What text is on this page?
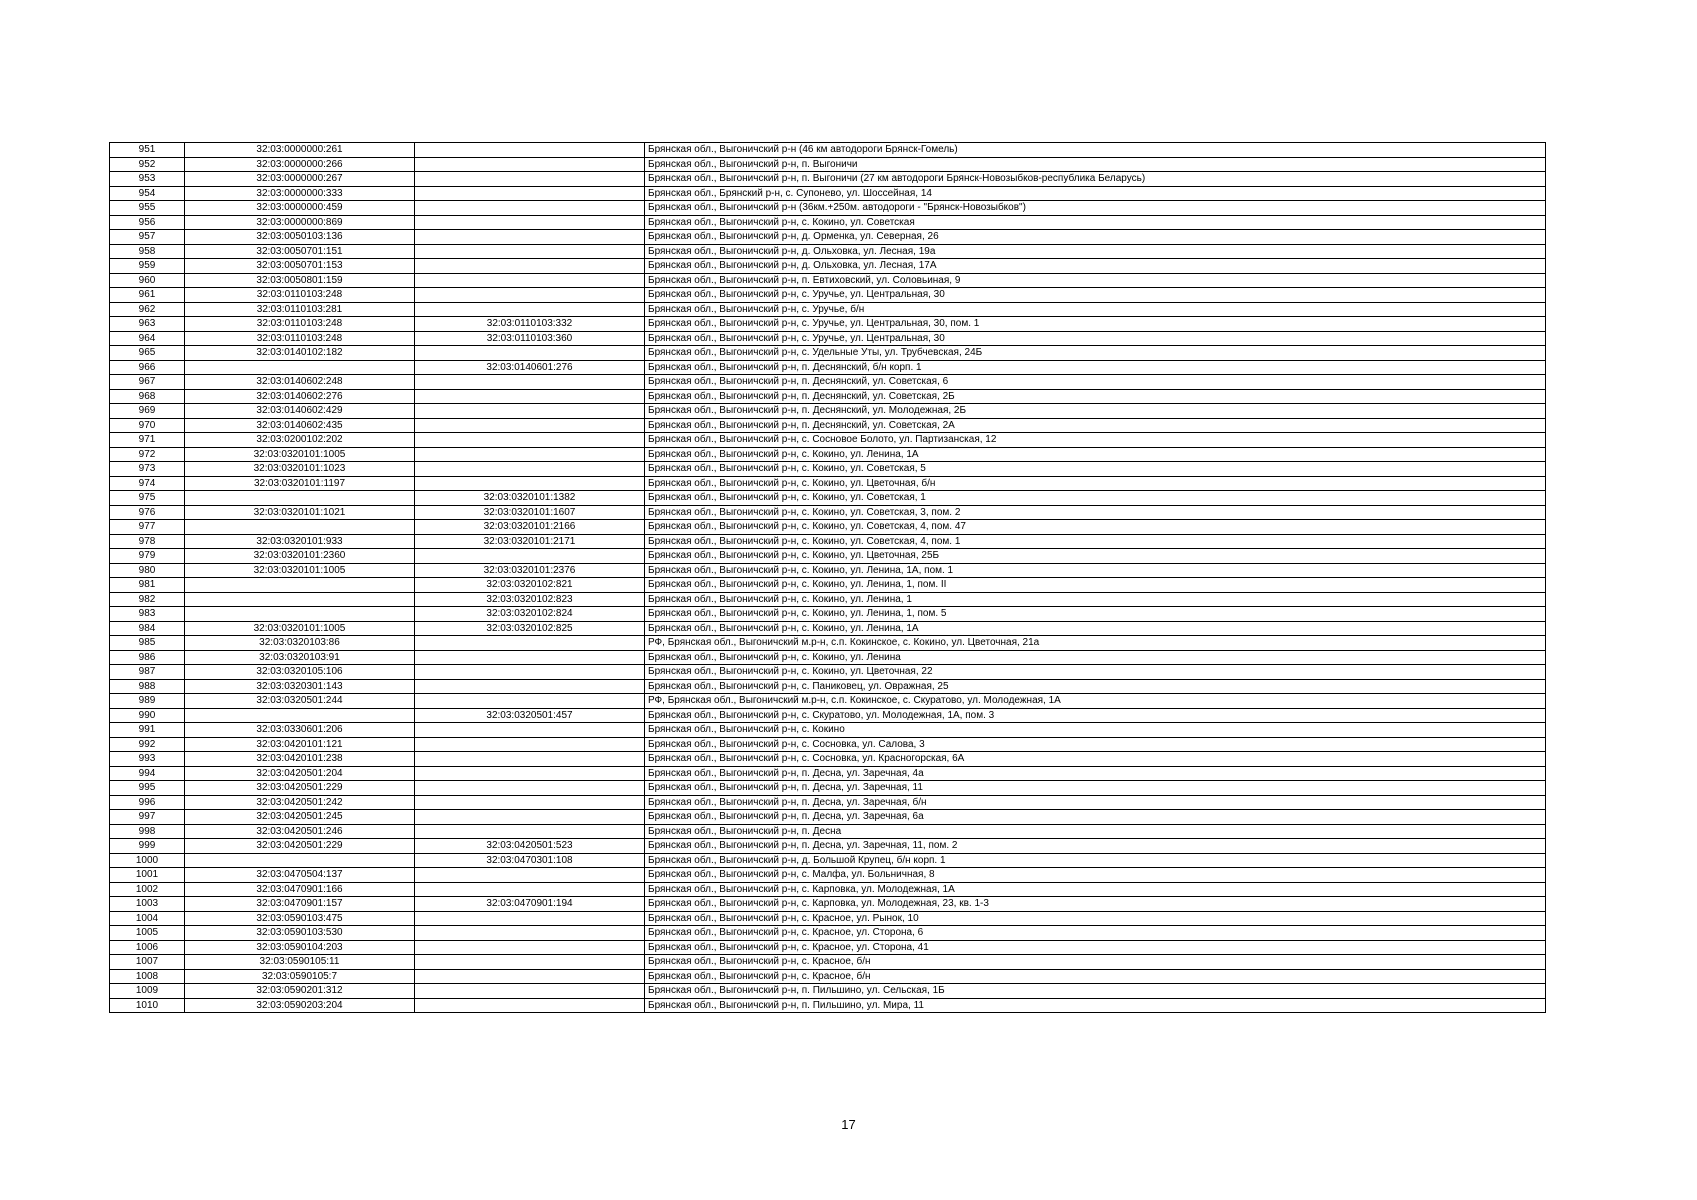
951	32:03:0000000:261		Брянская обл., Выгоничский р-н (46 км автодороги Брянск-Гомель)
952	32:03:0000000:266		Брянская обл., Выгоничский р-н, п. Выгоничи
953	32:03:0000000:267		Брянская обл., Выгоничский р-н, п. Выгоничи (27 км автодороги Брянск-Новозыбков-республика Беларусь)
954	32:03:0000000:333		Брянская обл., Брянский р-н, с. Супонево, ул. Шоссейная, 14
955	32:03:0000000:459		Брянская обл., Выгоничский р-н (36км.+250м. автодороги - "Брянск-Новозыбков")
956	32:03:0000000:869		Брянская обл., Выгоничский р-н, с. Кокино, ул. Советская
957	32:03:0050103:136		Брянская обл., Выгоничский р-н, д. Орменка, ул. Северная, 26
958	32:03:0050701:151		Брянская обл., Выгоничский р-н, д. Ольховка, ул. Лесная, 19а
959	32:03:0050701:153		Брянская обл., Выгоничский р-н, д. Ольховка, ул. Лесная, 17А
960	32:03:0050801:159		Брянская обл., Выгоничский р-н, п. Евтиховский, ул. Соловьиная, 9
961	32:03:0110103:248		Брянская обл., Выгоничский р-н, с. Уручье, ул. Центральная, 30
962	32:03:0110103:281		Брянская обл., Выгоничский р-н, с. Уручье, б/н
963	32:03:0110103:248	32:03:0110103:332	Брянская обл., Выгоничский р-н, с. Уручье, ул. Центральная, 30, пом. 1
964	32:03:0110103:248	32:03:0110103:360	Брянская обл., Выгоничский р-н, с. Уручье, ул. Центральная, 30
965	32:03:0140102:182		Брянская обл., Выгоничский р-н, с. Удельные Уты, ул. Трубчевская, 24Б
966		32:03:0140601:276	Брянская обл., Выгоничский р-н, п. Деснянский, б/н корп. 1
967	32:03:0140602:248		Брянская обл., Выгоничский р-н, п. Деснянский, ул. Советская, 6
968	32:03:0140602:276		Брянская обл., Выгоничский р-н, п. Деснянский, ул. Советская, 2Б
969	32:03:0140602:429		Брянская обл., Выгоничский р-н, п. Деснянский, ул. Молодежная, 2Б
970	32:03:0140602:435		Брянская обл., Выгоничский р-н, п. Деснянский, ул. Советская, 2А
971	32:03:0200102:202		Брянская обл., Выгоничский р-н, с. Сосновое Болото, ул. Партизанская, 12
972	32:03:0320101:1005		Брянская обл., Выгоничский р-н, с. Кокино, ул. Ленина, 1А
973	32:03:0320101:1023		Брянская обл., Выгоничский р-н, с. Кокино, ул. Советская, 5
974	32:03:0320101:1197		Брянская обл., Выгоничский р-н, с. Кокино, ул. Цветочная, б/н
975		32:03:0320101:1382	Брянская обл., Выгоничский р-н, с. Кокино, ул. Советская, 1
976	32:03:0320101:1021	32:03:0320101:1607	Брянская обл., Выгоничский р-н, с. Кокино, ул. Советская, 3, пом. 2
977		32:03:0320101:2166	Брянская обл., Выгоничский р-н, с. Кокино, ул. Советская, 4, пом. 47
978	32:03:0320101:933	32:03:0320101:2171	Брянская обл., Выгоничский р-н, с. Кокино, ул. Советская, 4, пом. 1
979	32:03:0320101:2360		Брянская обл., Выгоничский р-н, с. Кокино, ул. Цветочная, 25Б
980	32:03:0320101:1005	32:03:0320101:2376	Брянская обл., Выгоничский р-н, с. Кокино, ул. Ленина, 1А, пом. 1
981		32:03:0320102:821	Брянская обл., Выгоничский р-н, с. Кокино, ул. Ленина, 1, пом. II
982		32:03:0320102:823	Брянская обл., Выгоничский р-н, с. Кокино, ул. Ленина, 1
983		32:03:0320102:824	Брянская обл., Выгоничский р-н, с. Кокино, ул. Ленина, 1, пом. 5
984	32:03:0320101:1005	32:03:0320102:825	Брянская обл., Выгоничский р-н, с. Кокино, ул. Ленина, 1А
985	32:03:0320103:86		РФ, Брянская обл., Выгоничский м.р-н, с.п. Кокинское, с. Кокино, ул. Цветочная, 21а
986	32:03:0320103:91		Брянская обл., Выгоничский р-н, с. Кокино, ул. Ленина
987	32:03:0320105:106		Брянская обл., Выгоничский р-н, с. Кокино, ул. Цветочная, 22
988	32:03:0320301:143		Брянская обл., Выгоничский р-н, с. Паниковец, ул. Овражная, 25
989	32:03:0320501:244		РФ, Брянская обл., Выгоничский м.р-н, с.п. Кокинское, с. Скуратово, ул. Молодежная, 1А
990		32:03:0320501:457	Брянская обл., Выгоничский р-н, с. Скуратово, ул. Молодежная, 1А, пом. 3
991	32:03:0330601:206		Брянская обл., Выгоничский р-н, с. Кокино
992	32:03:0420101:121		Брянская обл., Выгоничский р-н, с. Сосновка, ул. Салова, 3
993	32:03:0420101:238		Брянская обл., Выгоничский р-н, с. Сосновка, ул. Красногорская, 6А
994	32:03:0420501:204		Брянская обл., Выгоничский р-н, п. Десна, ул. Заречная, 4а
995	32:03:0420501:229		Брянская обл., Выгоничский р-н, п. Десна, ул. Заречная, 11
996	32:03:0420501:242		Брянская обл., Выгоничский р-н, п. Десна, ул. Заречная, б/н
997	32:03:0420501:245		Брянская обл., Выгоничский р-н, п. Десна, ул. Заречная, 6а
998	32:03:0420501:246		Брянская обл., Выгоничский р-н, п. Десна
999	32:03:0420501:229	32:03:0420501:523	Брянская обл., Выгоничский р-н, п. Десна, ул. Заречная, 11, пом. 2
1000		32:03:0470301:108	Брянская обл., Выгоничский р-н, д. Большой Крупец, б/н корп. 1
1001	32:03:0470504:137		Брянская обл., Выгоничский р-н, с. Малфа, ул. Больничная, 8
1002	32:03:0470901:166		Брянская обл., Выгоничский р-н, с. Карповка, ул. Молодежная, 1А
1003	32:03:0470901:157	32:03:0470901:194	Брянская обл., Выгоничский р-н, с. Карповка, ул. Молодежная, 23, кв. 1-3
1004	32:03:0590103:475		Брянская обл., Выгоничский р-н, с. Красное, ул. Рынок, 10
1005	32:03:0590103:530		Брянская обл., Выгоничский р-н, с. Красное, ул. Сторона, 6
1006	32:03:0590104:203		Брянская обл., Выгоничский р-н, с. Красное, ул. Сторона, 41
1007	32:03:0590105:11		Брянская обл., Выгоничский р-н, с. Красное, б/н
1008	32:03:0590105:7		Брянская обл., Выгоничский р-н, с. Красное, б/н
1009	32:03:0590201:312		Брянская обл., Выгоничский р-н, п. Пильшино, ул. Сельская, 1Б
1010	32:03:0590203:204		Брянская обл., Выгоничский р-н, п. Пильшино, ул. Мира, 11
17
